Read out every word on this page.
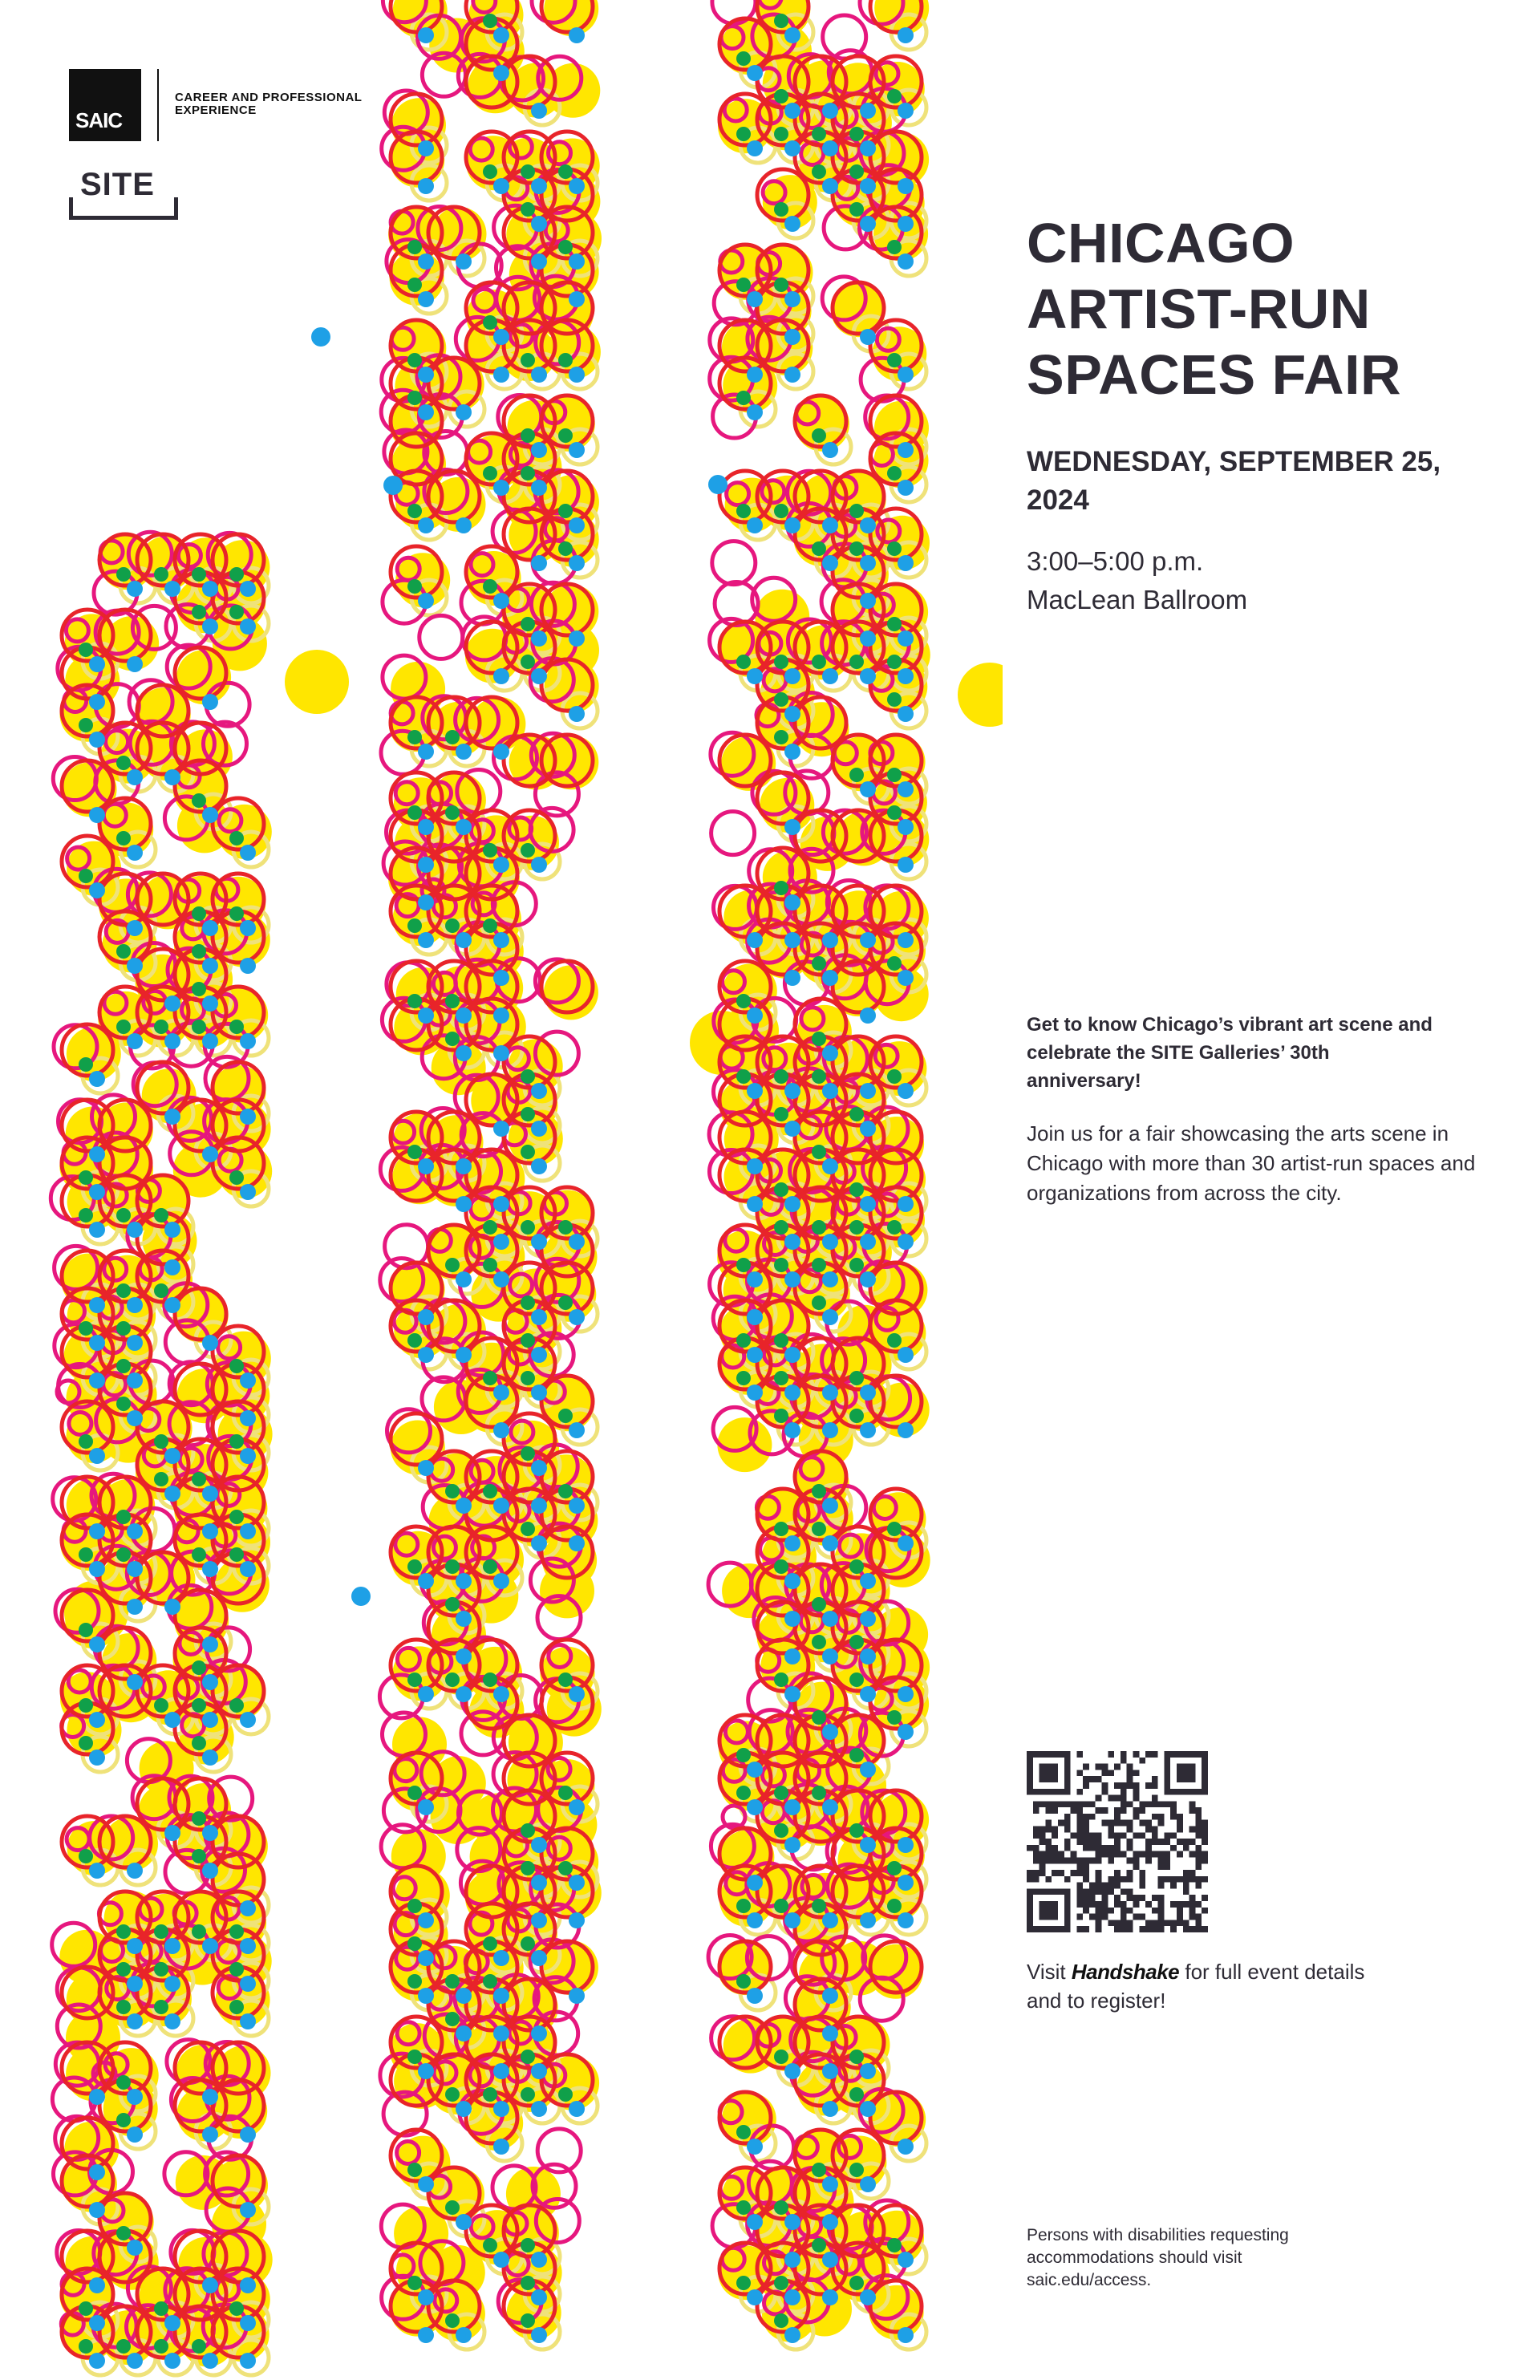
SAIC
CAREER AND PROFESSIONAL EXPERIENCE
SITE
CHICAGO ARTIST-RUN SPACES FAIR
WEDNESDAY, SEPTEMBER 25, 2024
3:00–5:00 p.m.
MacLean Ballroom
Get to know Chicago’s vibrant art scene and celebrate the SITE Galleries’ 30th anniversary!
Join us for a fair showcasing the arts scene in Chicago with more than 30 artist-run spaces and organizations from across the city.
Visit Handshake for full event details and to register!
Persons with disabilities requesting accommodations should visit saic.edu/access.
